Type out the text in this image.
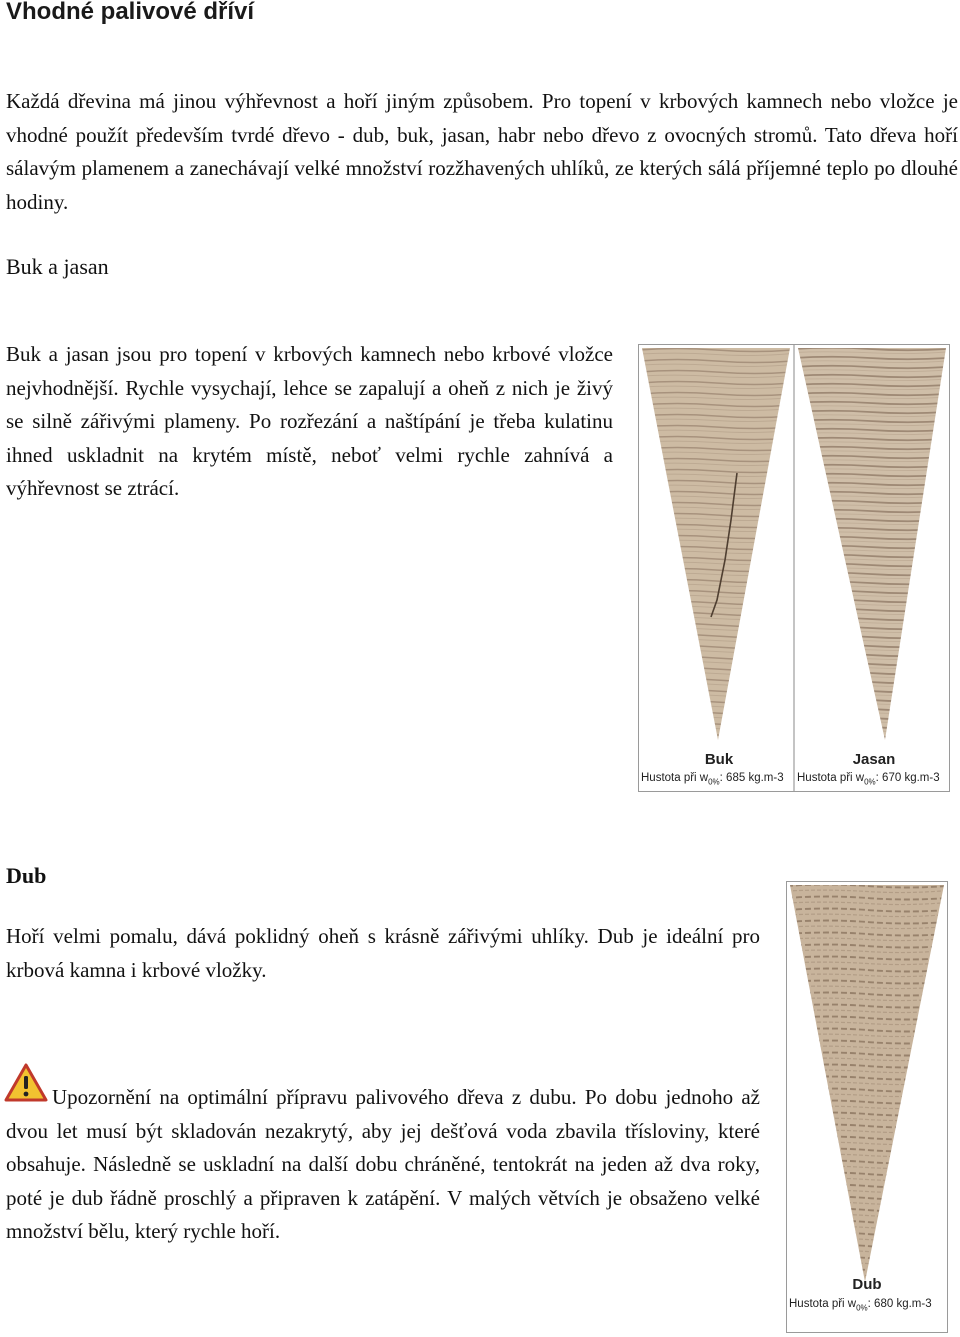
Vhodné palivové dříví

Každá dřevina má jinou výhřevnost a hoří jiným způsobem. Pro topení v krbových kamnech nebo vložce je vhodné použít především tvrdé dřevo - dub, buk, jasan, habr nebo dřevo z ovocných stromů. Tato dřeva hoří sálavým plamenem a zanechávají velké množství rozžhavených uhlíků, ze kterých sálá příjemné teplo po dlouhé hodiny.

Buk a jasan

Buk a jasan jsou pro topení v krbových kamnech nebo krbové vložce nejvhodnější. Rychle vysychají, lehce se zapalují a oheň z nich je živý se silně zářivými plameny. Po rozřezání a naštípání je třeba kulatinu ihned uskladnit na krytém místě, neboť velmi rychle zahnívá a výhřevnost se ztrácí.

Buk	Jasan
Hustota při $w_{0\%}$: 685 kg.m-3 Hustota při $w_{0\%}$: 670 kg.m-3
Dub

Hoří velmi pomalu, dává poklidný oheň s krásně zářivými uhlíky. Dub je ideální pro krbová kamna i krbové vložky.

Upozornění na optimální přípravu palivového dřeva z dubu. Po dobu jednoho až dvou let musí být skladován nezakrytý, aby jej dešťová voda zbavila třísloviny, které obsahuje. Následně se uskladní na další dobu chráněné, tentokrát na jeden až dva roky, poté je dub řádně proschlý a připraven k zatápění. V malých větvích je obsaženo velké množství bělu, který rychle hoří.

Dub
Hustota při $w_{0\%}$: 680 kg.m-3
